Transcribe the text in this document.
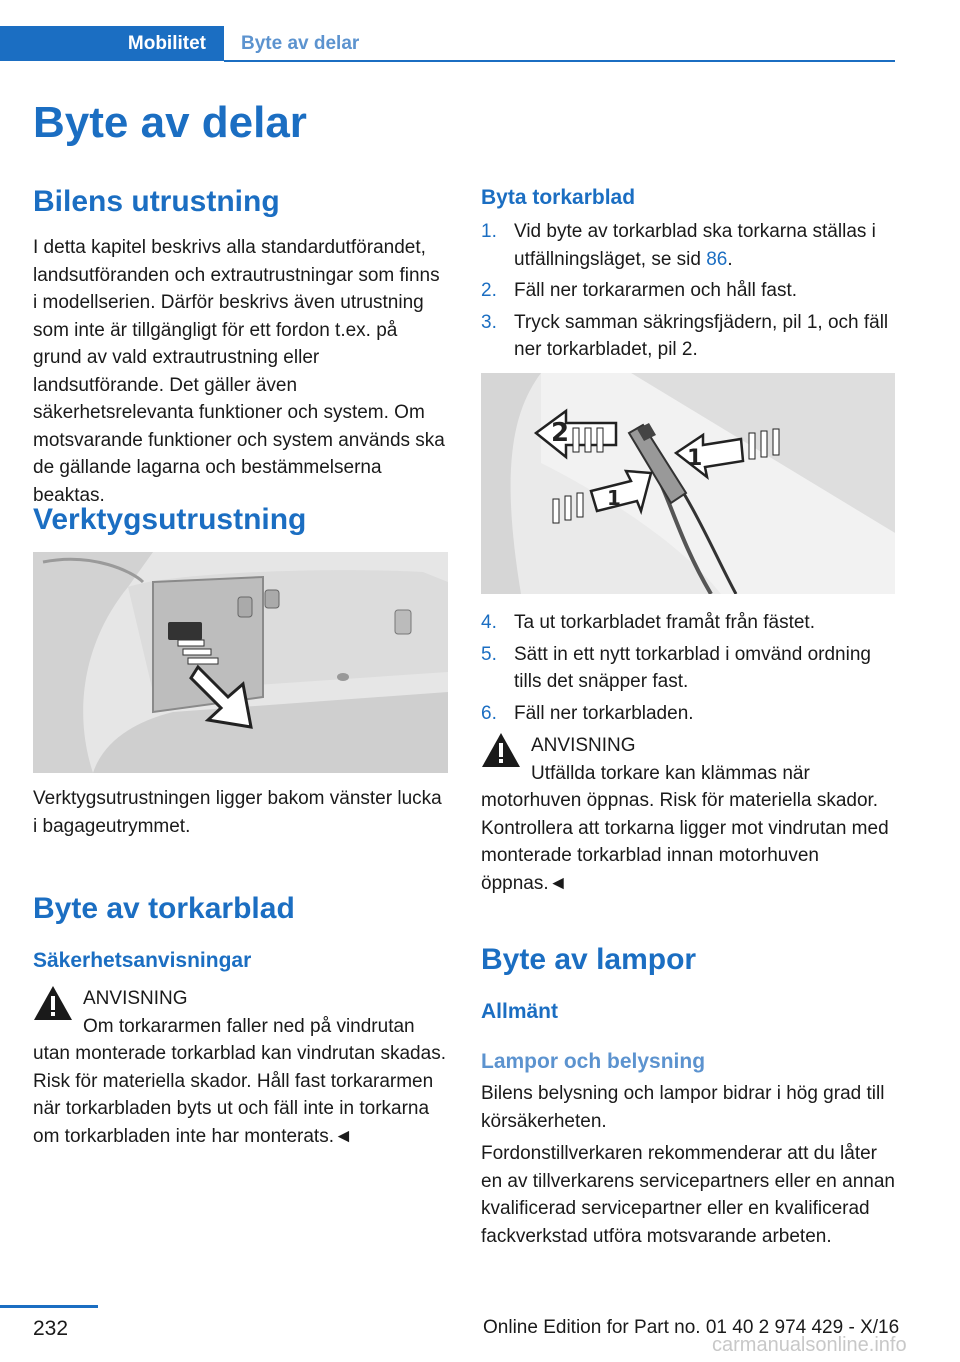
Mobilitet	Byte av delar
Byte av delar
Bilens utrustning

I detta kapitel beskrivs alla standardutförandet, landsutföranden och extrautrustningar som finns i modellserien. Därför beskrivs även utrustning som inte är tillgängligt för ett fordon t.ex. på grund av vald extrautrustning eller landsutförande. Det gäller även säkerhetsrelevanta funktioner och system. Om motsvarande funktioner och system används ska de gällande lagarna och bestämmelserna beaktas.

Verktygsutrustning

Verktygsutrustningen ligger bakom vänster lucka i bagageutrymmet.

Byte av torkarblad
Säkerhetsanvisningar
ANVISNING

Om torkararmen faller ned på vindrutan utan monterade torkarblad kan vindrutan skadas. Risk för materiella skador. Håll fast torkararmen när torkarbladen byts ut och fäll inte in torkarna om torkarbladen inte har monterats.◄

Byta torkarblad
1. Vid byte av torkarblad ska torkarna ställas i utfällningsläget, se sid 86.
2. Fäll ner torkararmen och håll fast.
3. Tryck samman säkringsfjädern, pil 1, och fäll ner torkarbladet, pil 2.
2
1
1
4. Ta ut torkarbladet framåt från fästet.
5. Sätt in ett nytt torkarblad i omvänd ordning tills det snäpper fast.
6. Fäll ner torkarbladen.
ANVISNING

Utfällda torkare kan klämmas när motorhuven öppnas. Risk för materiella skador. Kontrollera att torkarna ligger mot vindrutan med monterade torkarblad innan motorhuven öppnas.◄

Byte av lampor
Allmänt
Lampor och belysning

Bilens belysning och lampor bidrar i hög grad till körsäkerheten.

Fordonstillverkaren rekommenderar att du låter en av tillverkarens servicepartners eller en annan kvalificerad servicepartner eller en kvalificerad fackverkstad utföra motsvarande arbeten.

232	Online Edition for Part no. 01 40 2 974 429 - X/16
carmanualsonline.info
